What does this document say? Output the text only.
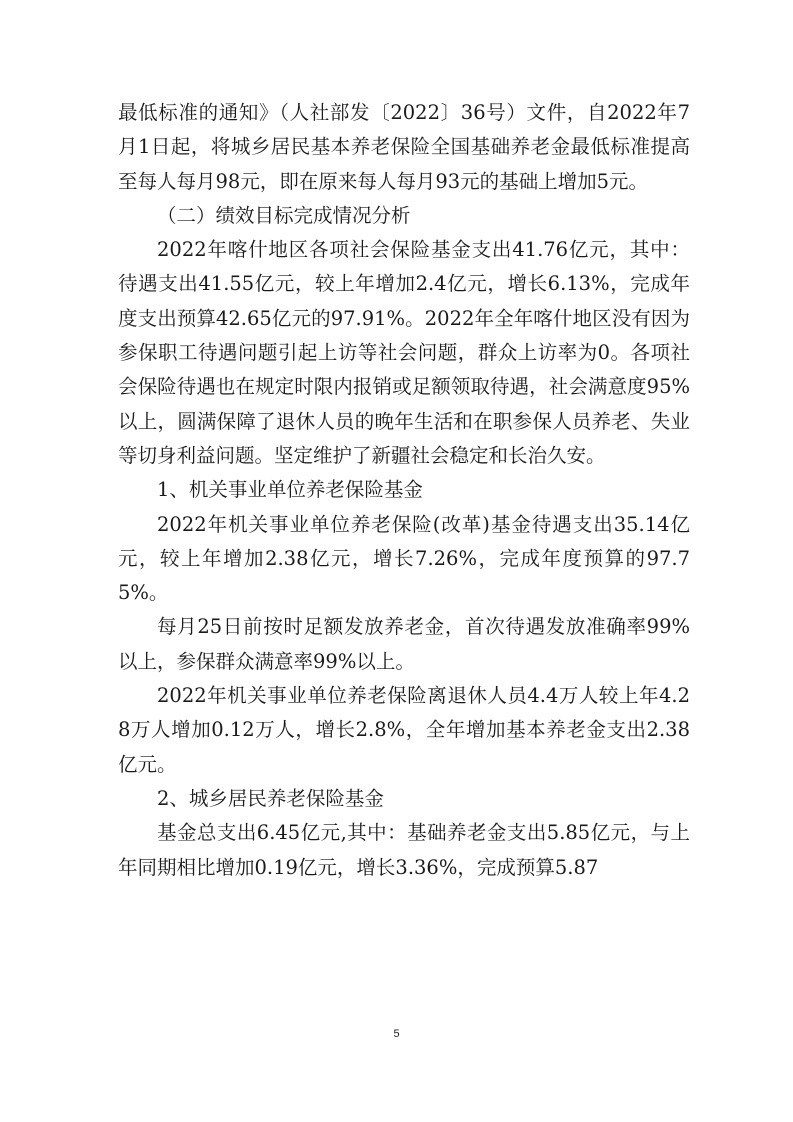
最低标准的通知》（人社部发〔2022〕36号）文件，自2022年7月1日起，将城乡居民基本养老保险全国基础养老金最低标准提高至每人每月98元，即在原来每人每月93元的基础上增加5元。

（二）绩效目标完成情况分析

2022年喀什地区各项社会保险基金支出41.76亿元，其中：待遇支出41.55亿元，较上年增加2.4亿元，增长6.13%，完成年度支出预算42.65亿元的97.91%。2022年全年喀什地区没有因为参保职工待遇问题引起上访等社会问题，群众上访率为0。各项社会保险待遇也在规定时限内报销或足额领取待遇，社会满意度95%以上，圆满保障了退休人员的晚年生活和在职参保人员养老、失业等切身利益问题。坚定维护了新疆社会稳定和长治久安。

1、机关事业单位养老保险基金

2022年机关事业单位养老保险(改革)基金待遇支出35.14亿元，较上年增加2.38亿元，增长7.26%，完成年度预算的97.75%。

每月25日前按时足额发放养老金，首次待遇发放准确率99%以上，参保群众满意率99%以上。

2022年机关事业单位养老保险离退休人员4.4万人较上年4.28万人增加0.12万人，增长2.8%，全年增加基本养老金支出2.38亿元。

2、城乡居民养老保险基金

基金总支出6.45亿元,其中：基础养老金支出5.85亿元，与上年同期相比增加0.19亿元，增长3.36%，完成预算5.87

5
